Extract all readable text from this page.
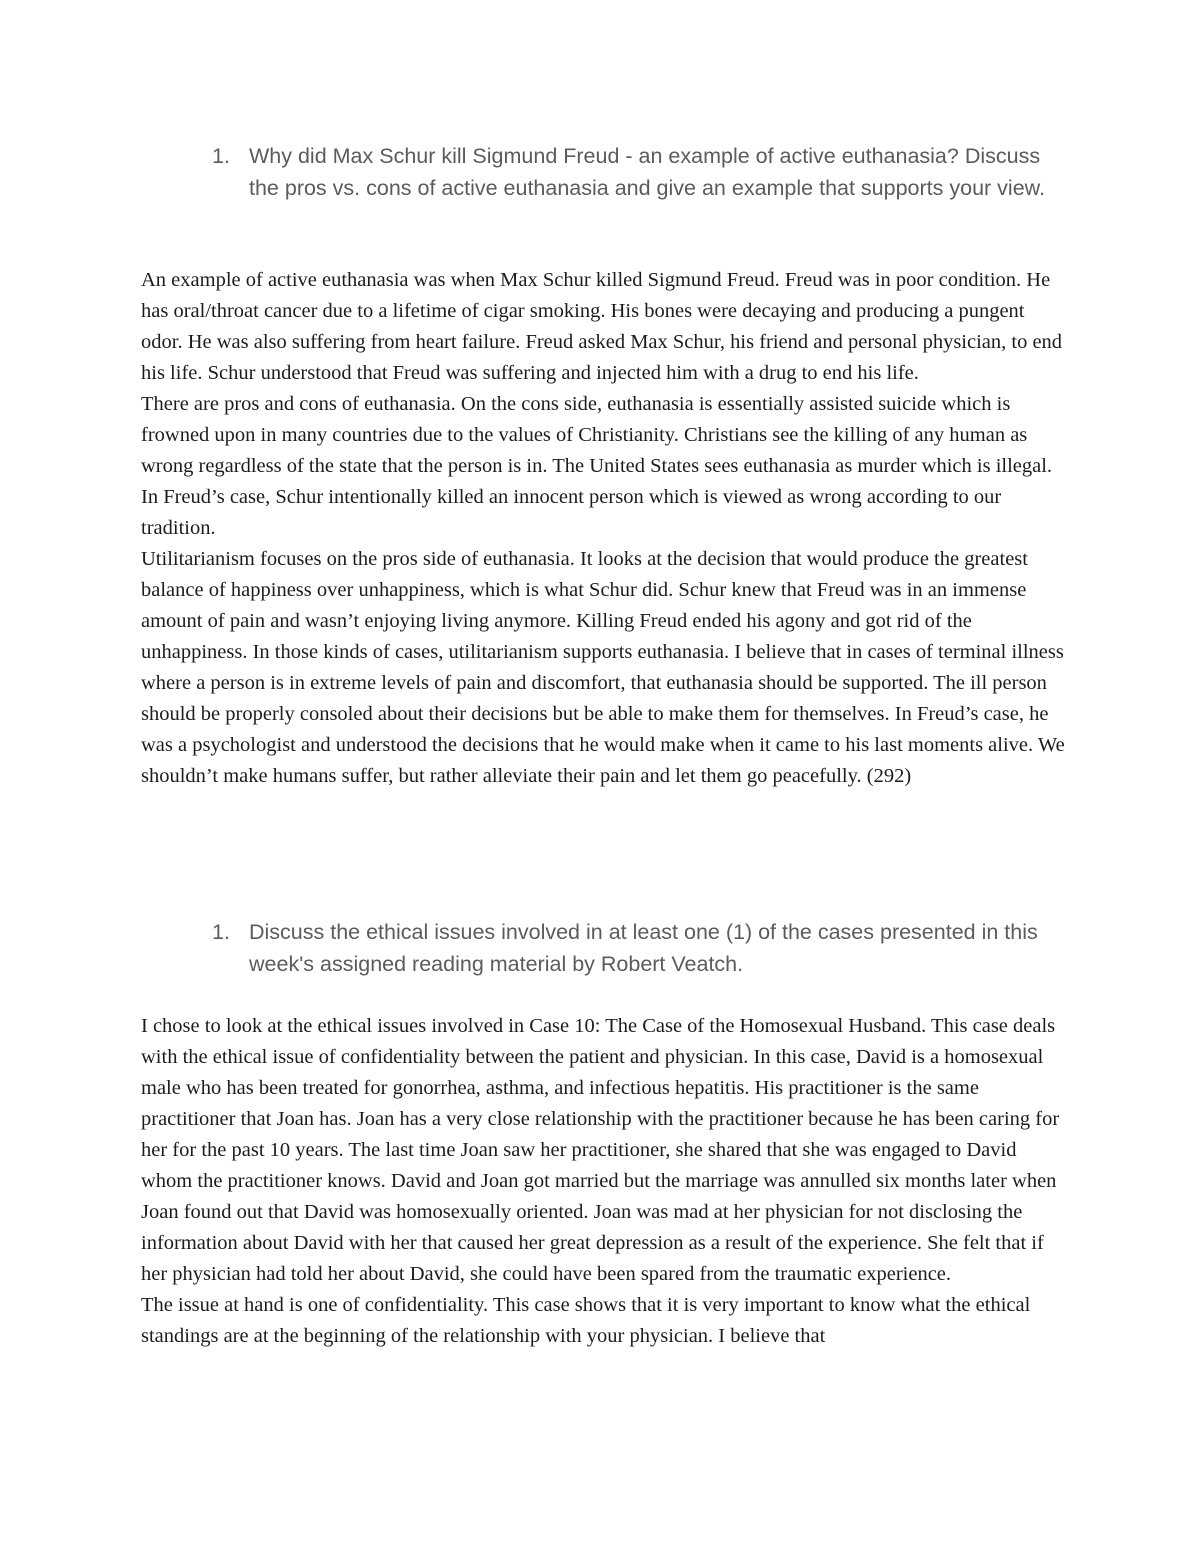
1. Why did Max Schur kill Sigmund Freud - an example of active euthanasia? Discuss the pros vs. cons of active euthanasia and give an example that supports your view.

An example of active euthanasia was when Max Schur killed Sigmund Freud. Freud was in poor condition. He has oral/throat cancer due to a lifetime of cigar smoking. His bones were decaying and producing a pungent odor. He was also suffering from heart failure. Freud asked Max Schur, his friend and personal physician, to end his life. Schur understood that Freud was suffering and injected him with a drug to end his life.

There are pros and cons of euthanasia. On the cons side, euthanasia is essentially assisted suicide which is frowned upon in many countries due to the values of Christianity. Christians see the killing of any human as wrong regardless of the state that the person is in. The United States sees euthanasia as murder which is illegal. In Freud’s case, Schur intentionally killed an innocent person which is viewed as wrong according to our tradition.

Utilitarianism focuses on the pros side of euthanasia. It looks at the decision that would produce the greatest balance of happiness over unhappiness, which is what Schur did. Schur knew that Freud was in an immense amount of pain and wasn’t enjoying living anymore. Killing Freud ended his agony and got rid of the unhappiness. In those kinds of cases, utilitarianism supports euthanasia. I believe that in cases of terminal illness where a person is in extreme levels of pain and discomfort, that euthanasia should be supported. The ill person should be properly consoled about their decisions but be able to make them for themselves. In Freud’s case, he was a psychologist and understood the decisions that he would make when it came to his last moments alive. We shouldn’t make humans suffer, but rather alleviate their pain and let them go peacefully. (292)

1. Discuss the ethical issues involved in at least one (1) of the cases presented in this week's assigned reading material by Robert Veatch.

I chose to look at the ethical issues involved in Case 10: The Case of the Homosexual Husband. This case deals with the ethical issue of confidentiality between the patient and physician. In this case, David is a homosexual male who has been treated for gonorrhea, asthma, and infectious hepatitis. His practitioner is the same practitioner that Joan has. Joan has a very close relationship with the practitioner because he has been caring for her for the past 10 years. The last time Joan saw her practitioner, she shared that she was engaged to David whom the practitioner knows. David and Joan got married but the marriage was annulled six months later when Joan found out that David was homosexually oriented. Joan was mad at her physician for not disclosing the information about David with her that caused her great depression as a result of the experience. She felt that if her physician had told her about David, she could have been spared from the traumatic experience.

The issue at hand is one of confidentiality. This case shows that it is very important to know what the ethical standings are at the beginning of the relationship with your physician. I believe that
